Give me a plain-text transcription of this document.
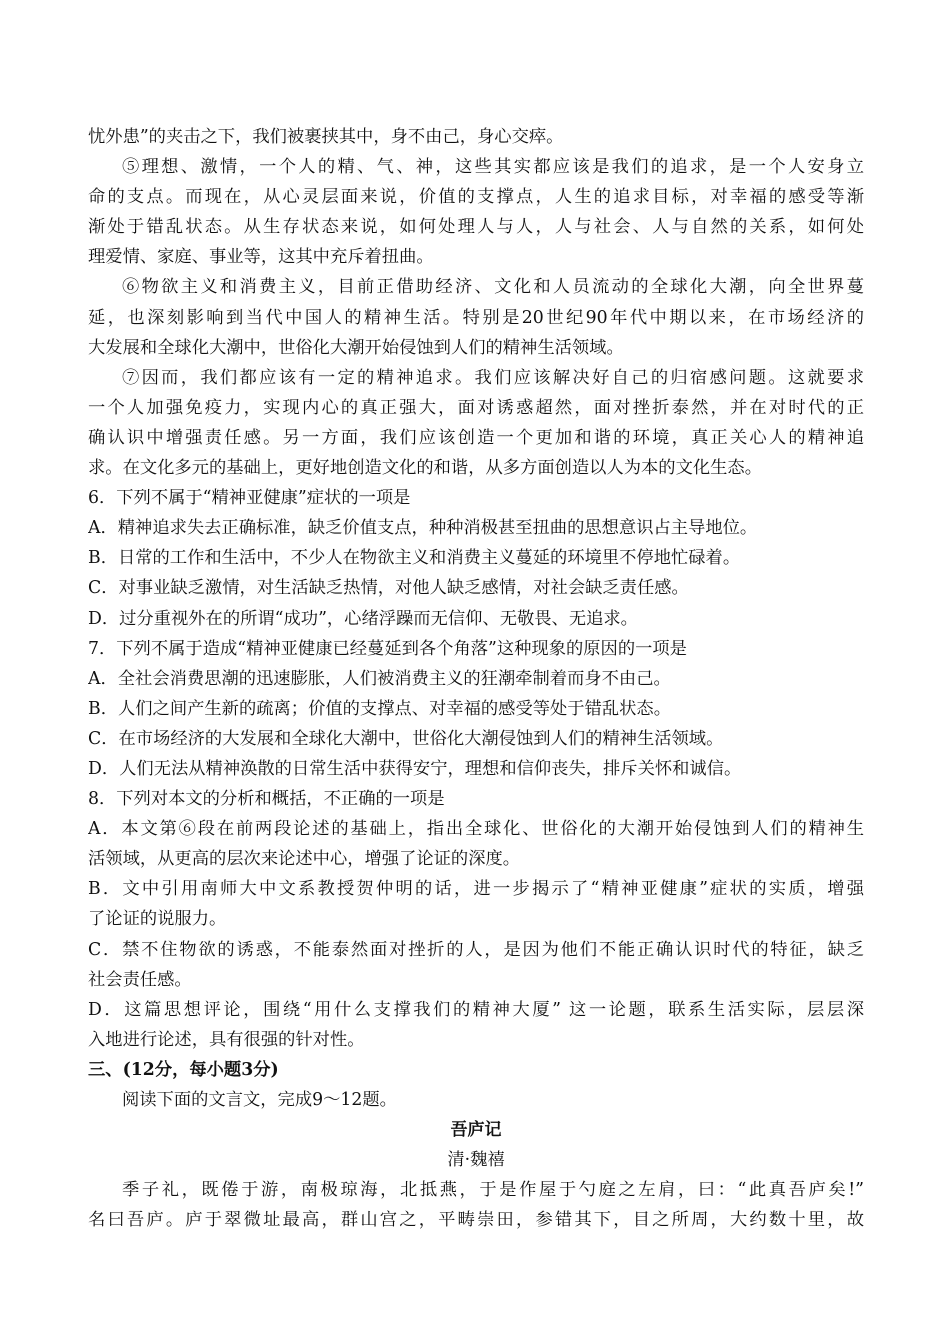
忧外患”的夹击之下，我们被裹挟其中，身不由己，身心交瘁。
⑤理想、激情，一个人的精、气、神，这些其实都应该是我们的追求，是一个人安身立
命的支点。而现在，从心灵层面来说，价值的支撑点，人生的追求目标，对幸福的感受等渐
渐处于错乱状态。从生存状态来说，如何处理人与人，人与社会、人与自然的关系，如何处
理爱情、家庭、事业等，这其中充斥着扭曲。
⑥物欲主义和消费主义，目前正借助经济、文化和人员流动的全球化大潮，向全世界蔓
延，也深刻影响到当代中国人的精神生活。特别是20世纪90年代中期以来，在市场经济的
大发展和全球化大潮中，世俗化大潮开始侵蚀到人们的精神生活领域。
⑦因而，我们都应该有一定的精神追求。我们应该解决好自己的归宿感问题。这就要求
一个人加强免疫力，实现内心的真正强大，面对诱惑超然，面对挫折泰然，并在对时代的正
确认识中增强责任感。另一方面，我们应该创造一个更加和谐的环境，真正关心人的精神追
求。在文化多元的基础上，更好地创造文化的和谐，从多方面创造以人为本的文化生态。
6．下列不属于“精神亚健康”症状的一项是
A．精神追求失去正确标准，缺乏价值支点，种种消极甚至扭曲的思想意识占主导地位。
B．日常的工作和生活中，不少人在物欲主义和消费主义蔓延的环境里不停地忙碌着。
C．对事业缺乏激情，对生活缺乏热情，对他人缺乏感情，对社会缺乏责任感。
D．过分重视外在的所谓“成功”，心绪浮躁而无信仰、无敬畏、无追求。
7．下列不属于造成“精神亚健康已经蔓延到各个角落”这种现象的原因的一项是
A．全社会消费思潮的迅速膨胀，人们被消费主义的狂潮牵制着而身不由己。
B．人们之间产生新的疏离；价值的支撑点、对幸福的感受等处于错乱状态。
C．在市场经济的大发展和全球化大潮中，世俗化大潮侵蚀到人们的精神生活领域。
D．人们无法从精神涣散的日常生活中获得安宁，理想和信仰丧失，排斥关怀和诚信。
8．下列对本文的分析和概括，不正确的一项是
A．本文第⑥段在前两段论述的基础上，指出全球化、世俗化的大潮开始侵蚀到人们的精神生
活领域，从更高的层次来论述中心，增强了论证的深度。
B．文中引用南师大中文系教授贺仲明的话，进一步揭示了“精神亚健康”症状的实质，增强
了论证的说服力。
C．禁不住物欲的诱惑，不能泰然面对挫折的人，是因为他们不能正确认识时代的特征，缺乏
社会责任感。
D．这篇思想评论，围绕“用什么支撑我们的精神大厦” 这一论题，联系生活实际，层层深
入地进行论述，具有很强的针对性。
三、(12分，每小题3分)
阅读下面的文言文，完成9～12题。
吾庐记
清·魏禧
季子礼，既倦于游，南极琼海，北抵燕，于是作屋于勺庭之左肩，曰：“此真吾庐矣!”
名曰吾庐。庐于翠微址最高，群山宫之，平畴崇田，参错其下，目之所周，大约数十里，故
